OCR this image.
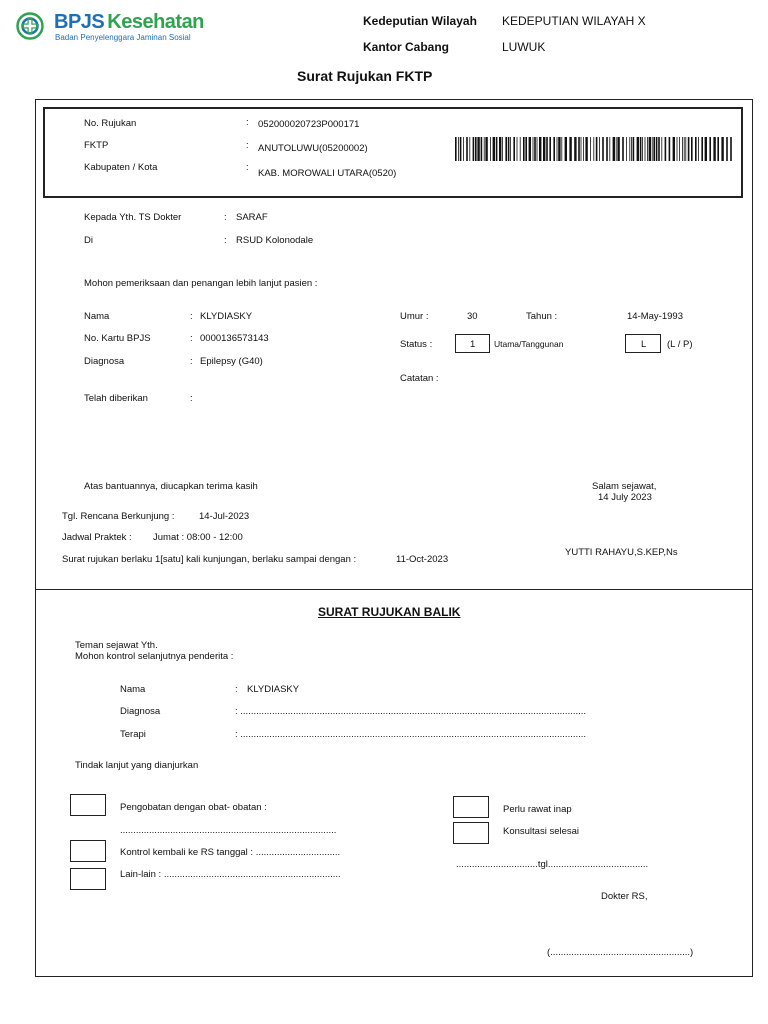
BPJS Kesehatan
Badan Penyelenggara Jaminan Sosial
Kedeputian Wilayah KEDEPUTIAN WILAYAH X
Kantor Cabang	LUWUK
Surat Rujukan FKTP
No. Rujukan	: 052000020723P000171
FKTP	: ANUTOLUWU(05200002)
Kabupaten / Kota	:
KAB. MOROWALI UTARA(0520)
Kepada Yth. TS Dokter	: SARAF
Di	: RSUD Kolonodale
Mohon pemeriksaan dan penangan lebih lanjut pasien :
Nama	: KLYDIASKY
No. Kartu BPJS	: 0000136573143
Diagnosa	: Epilepsy (G40)
Telah diberikan	:
Umur :	30	Tahun :	14-May-1993
Status :	1 Utama/Tanggunan	L (L / P)
Catatan :
Atas bantuannya, diucapkan terima kasih	Salam sejawat,
14 July 2023
Tgl. Rencana Berkunjung :	14-Jul-2023
Jadwal Praktek : Jumat : 08:00 - 12:00
Surat rujukan berlaku 1[satu] kali kunjungan, berlaku sampai dengan :	11-Oct-2023
YUTTI RAHAYU,S.KEP,Ns
SURAT RUJUKAN BALIK
Teman sejawat Yth.
Mohon kontrol selanjutnya penderita :
Nama	: KLYDIASKY
Diagnosa	: ...................................................................................................................................
Terapi	: ...................................................................................................................................
Tindak lanjut yang dianjurkan
Pengobatan dengan obat- obatan :
..................................................................................
Kontrol kembali ke RS tanggal : ................................
Lain-lain : ...................................................................
Perlu rawat inap
Konsultasi selesai
...............................tgl......................................
Dokter RS,
(.....................................................)
